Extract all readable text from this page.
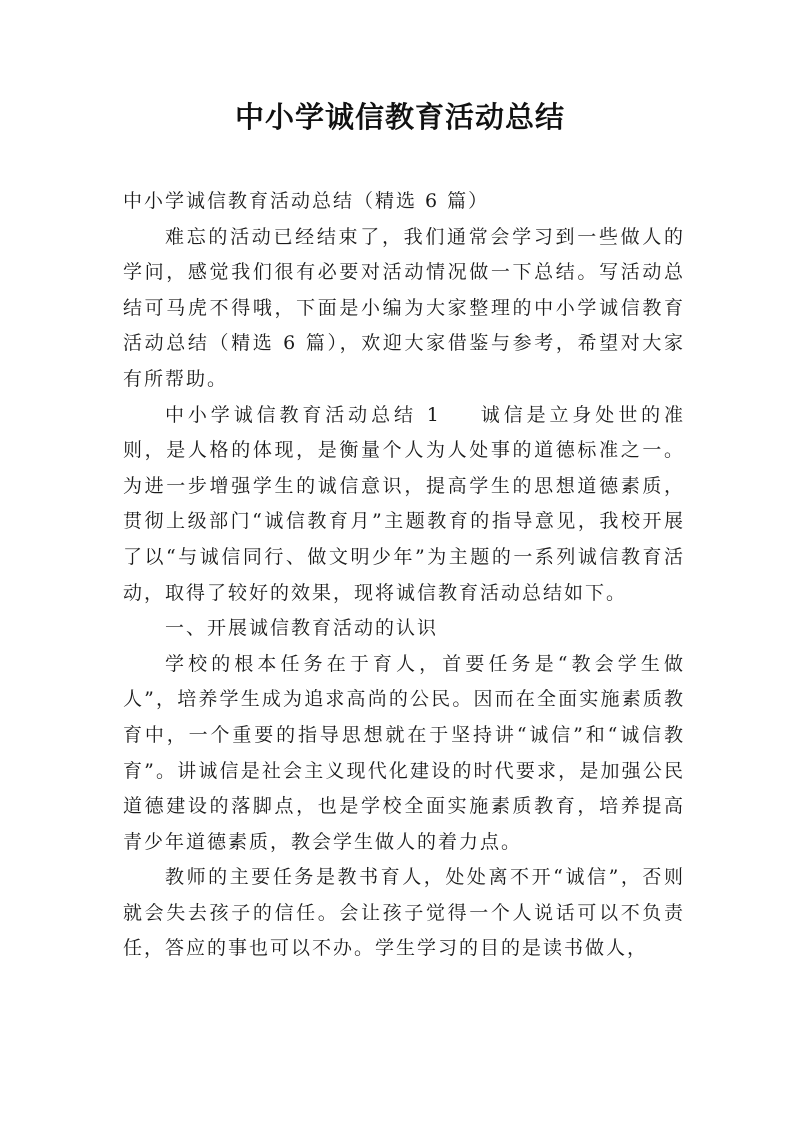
中小学诚信教育活动总结

中小学诚信教育活动总结（精选 6 篇）

难忘的活动已经结束了，我们通常会学习到一些做人的学问，感觉我们很有必要对活动情况做一下总结。写活动总结可马虎不得哦，下面是小编为大家整理的中小学诚信教育活动总结（精选 6 篇），欢迎大家借鉴与参考，希望对大家有所帮助。

中小学诚信教育活动总结 1 诚信是立身处世的准则，是人格的体现，是衡量个人为人处事的道德标准之一。为进一步增强学生的诚信意识，提高学生的思想道德素质，贯彻上级部门“诚信教育月”主题教育的指导意见，我校开展了以“与诚信同行、做文明少年”为主题的一系列诚信教育活动，取得了较好的效果，现将诚信教育活动总结如下。

一、开展诚信教育活动的认识

学校的根本任务在于育人，首要任务是“教会学生做人”，培养学生成为追求高尚的公民。因而在全面实施素质教育中，一个重要的指导思想就在于坚持讲“诚信”和“诚信教育”。讲诚信是社会主义现代化建设的时代要求，是加强公民道德建设的落脚点，也是学校全面实施素质教育，培养提高青少年道德素质，教会学生做人的着力点。

教师的主要任务是教书育人，处处离不开“诚信”，否则就会失去孩子的信任。会让孩子觉得一个人说话可以不负责任，答应的事也可以不办。学生学习的目的是读书做人，
